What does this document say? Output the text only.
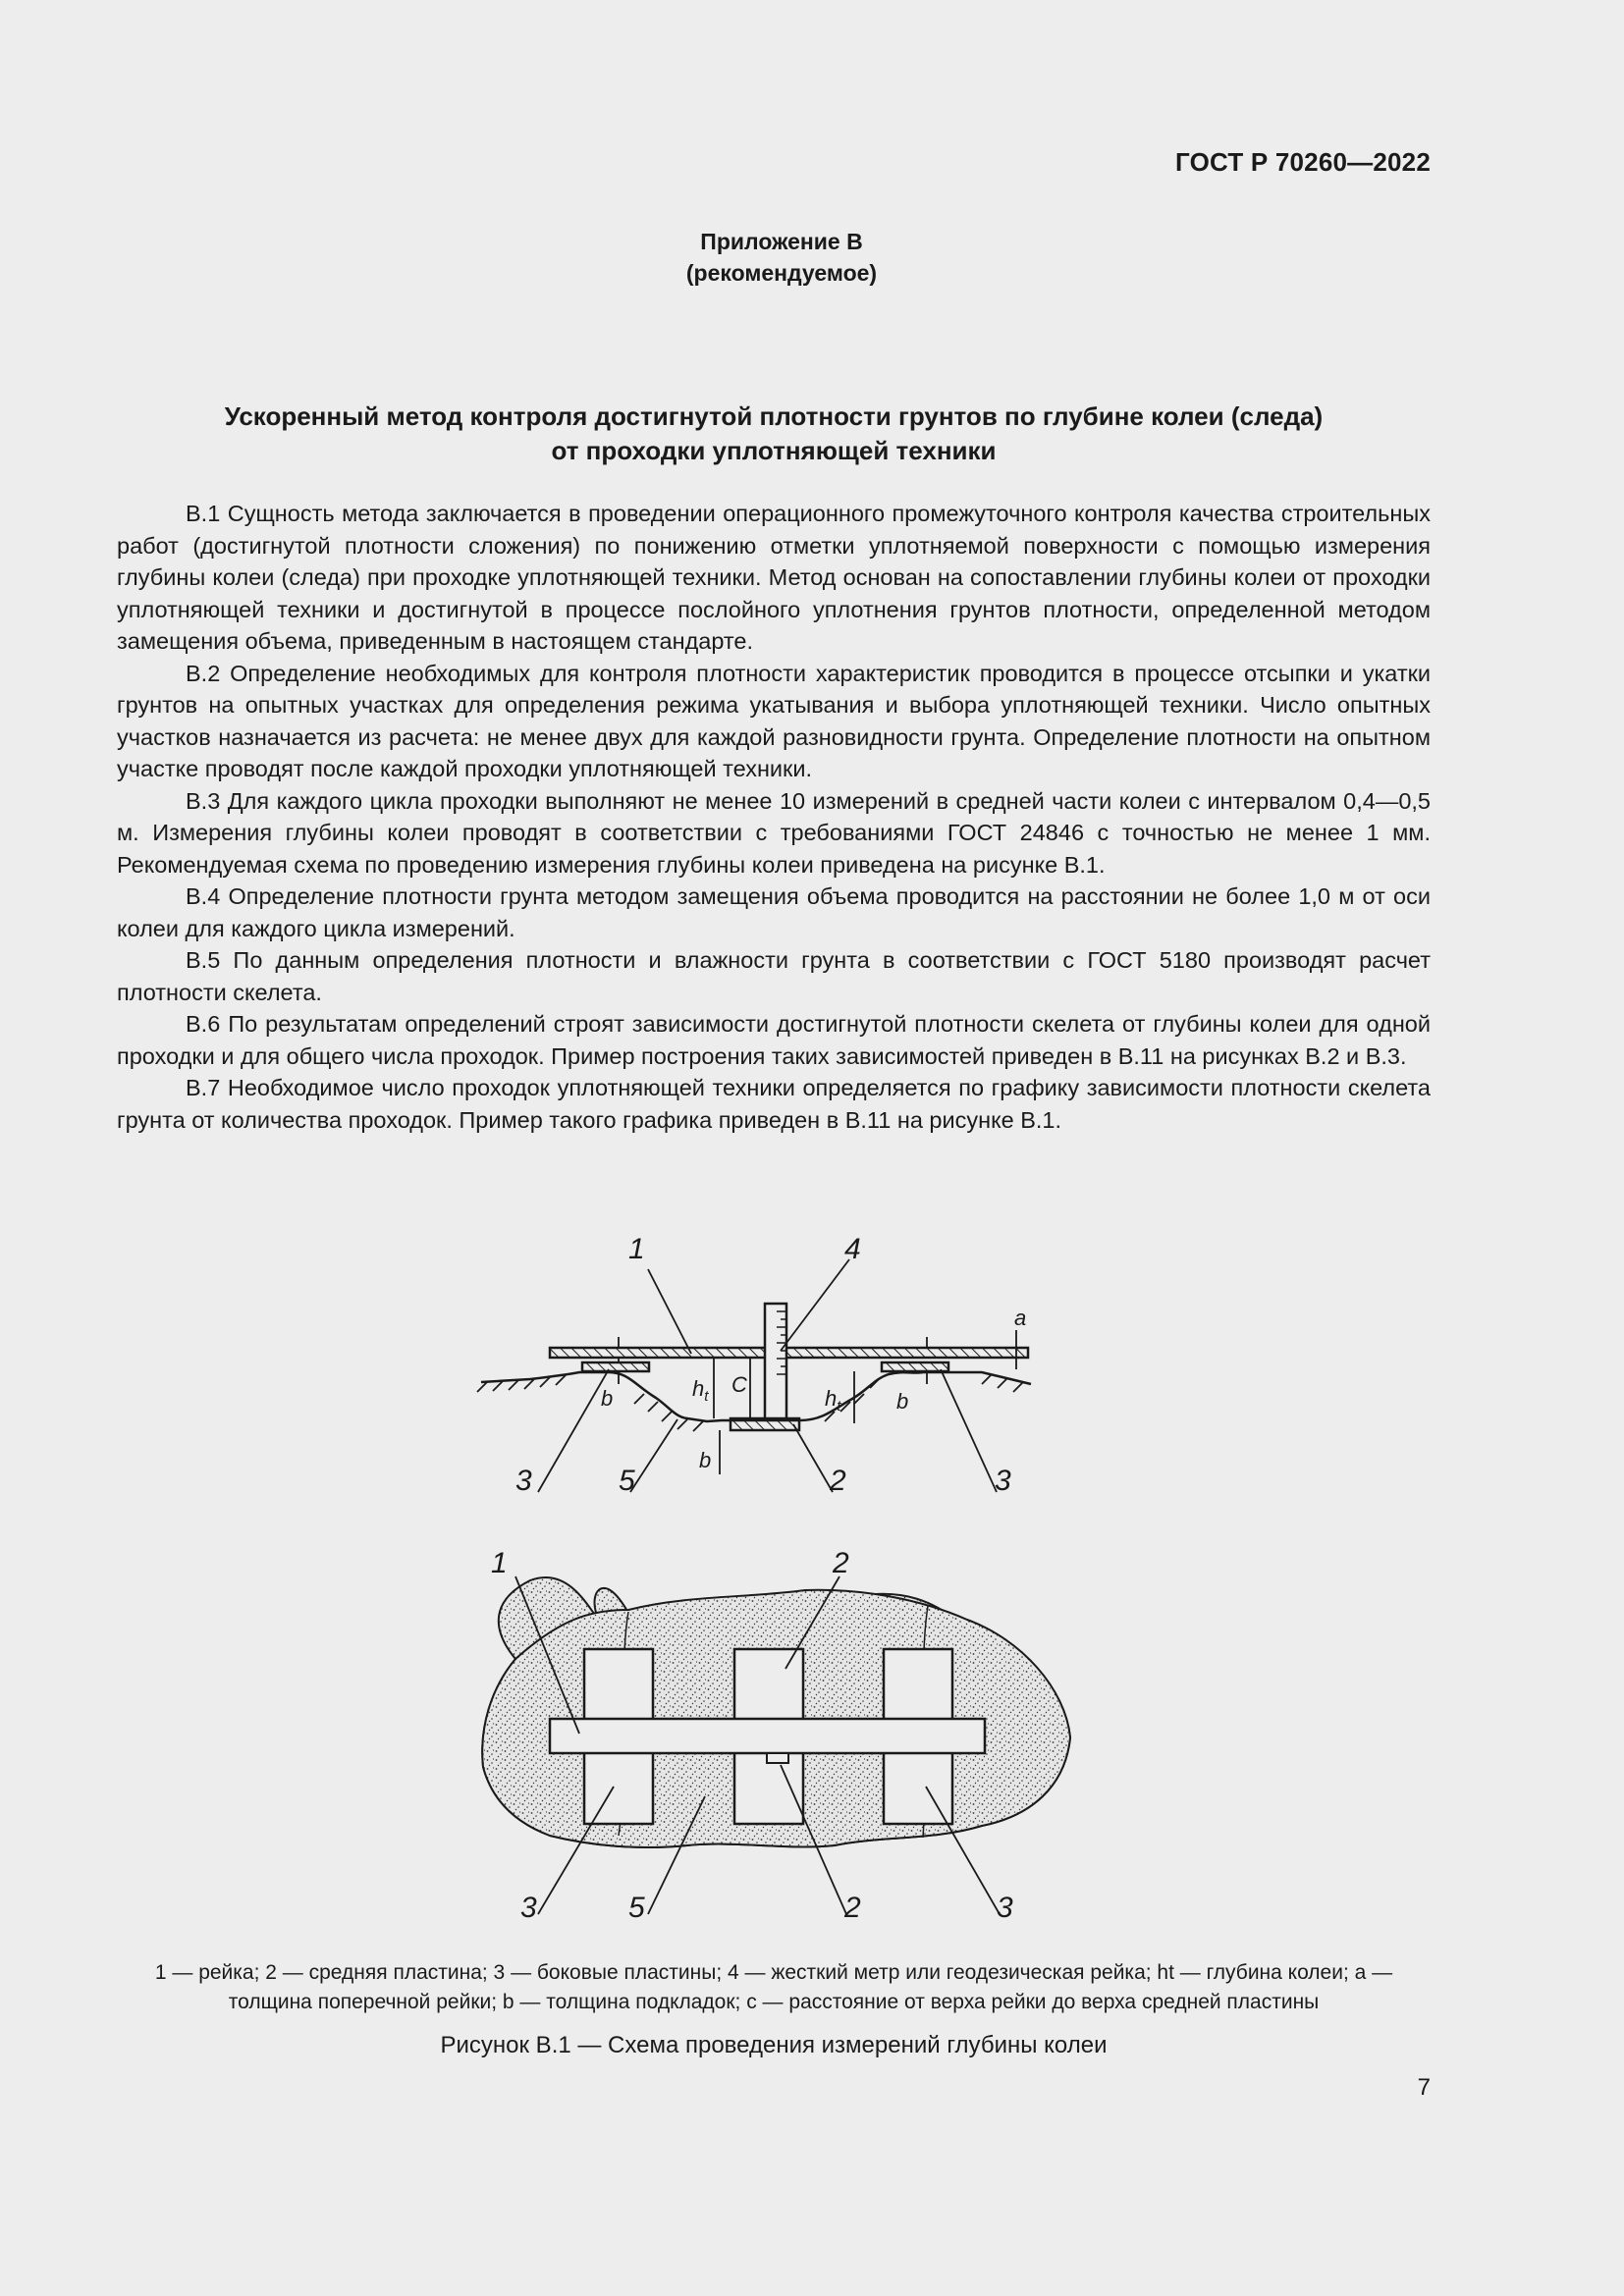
ГОСТ Р 70260—2022
Приложение В
(рекомендуемое)
Ускоренный метод контроля достигнутой плотности грунтов по глубине колеи (следа)
от проходки уплотняющей техники

В.1 Сущность метода заключается в проведении операционного промежуточного контроля качества строительных работ (достигнутой плотности сложения) по понижению отметки уплотняемой поверхности с помощью измерения глубины колеи (следа) при проходке уплотняющей техники. Метод основан на сопоставлении глубины колеи от проходки уплотняющей техники и достигнутой в процессе послойного уплотнения грунтов плотности, определенной методом замещения объема, приведенным в настоящем стандарте.

В.2 Определение необходимых для контроля плотности характеристик проводится в процессе отсыпки и укатки грунтов на опытных участках для определения режима укатывания и выбора уплотняющей техники. Число опытных участков назначается из расчета: не менее двух для каждой разновидности грунта. Определение плотности на опытном участке проводят после каждой проходки уплотняющей техники.

В.3 Для каждого цикла проходки выполняют не менее 10 измерений в средней части колеи с интервалом 0,4—0,5 м. Измерения глубины колеи проводят в соответствии с требованиями ГОСТ 24846 с точностью не менее 1 мм. Рекомендуемая схема по проведению измерения глубины колеи приведена на рисунке В.1.

В.4 Определение плотности грунта методом замещения объема проводится на расстоянии не более 1,0 м от оси колеи для каждого цикла измерений.

В.5 По данным определения плотности и влажности грунта в соответствии с ГОСТ 5180 производят расчет плотности скелета.

В.6 По результатам определений строят зависимости достигнутой плотности скелета от глубины колеи для одной проходки и для общего числа проходок. Пример построения таких зависимостей приведен в В.11 на рисунках В.2 и В.3.

В.7 Необходимое число проходок уплотняющей техники определяется по графику зависимости плотности скелета грунта от количества проходок. Пример такого графика приведен в В.11 на рисунке В.1.

1	4
3	5	2	3
a
b	b
b
C
$h_t$	$h_t$
1	2
3	5	2	3
1 — рейка; 2 — средняя пластина; 3 — боковые пластины; 4 — жесткий метр или геодезическая рейка; ht — глубина колеи; a —
толщина поперечной рейки; b — толщина подкладок; c — расстояние от верха рейки до верха средней пластины
Рисунок В.1 — Схема проведения измерений глубины колеи
7
